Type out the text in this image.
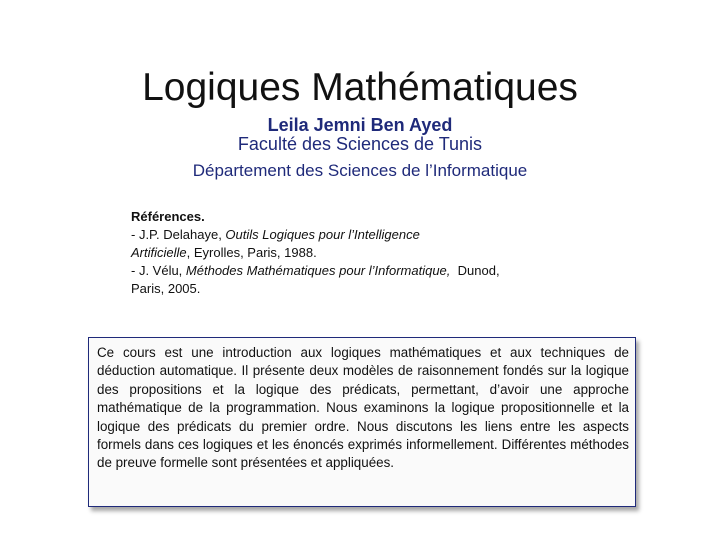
Logiques Mathématiques
Leila Jemni Ben Ayed
Faculté des Sciences de Tunis
Département des Sciences de l’Informatique
Références.
- J.P. Delahaye, Outils Logiques pour l’Intelligence
Artificielle, Eyrolles, Paris, 1988.
- J. Vélu, Méthodes Mathématiques pour l’Informatique, Dunod,
Paris, 2005.

Ce cours est une introduction aux logiques mathématiques et aux techniques de déduction automatique. Il présente deux modèles de raisonnement fondés sur la logique des propositions et la logique des prédicats, permettant, d’avoir une approche mathématique de la programmation. Nous examinons la logique propositionnelle et la logique des prédicats du premier ordre. Nous discutons les liens entre les aspects formels dans ces logiques et les énoncés exprimés informellement. Différentes méthodes de preuve formelle sont présentées et appliquées.
